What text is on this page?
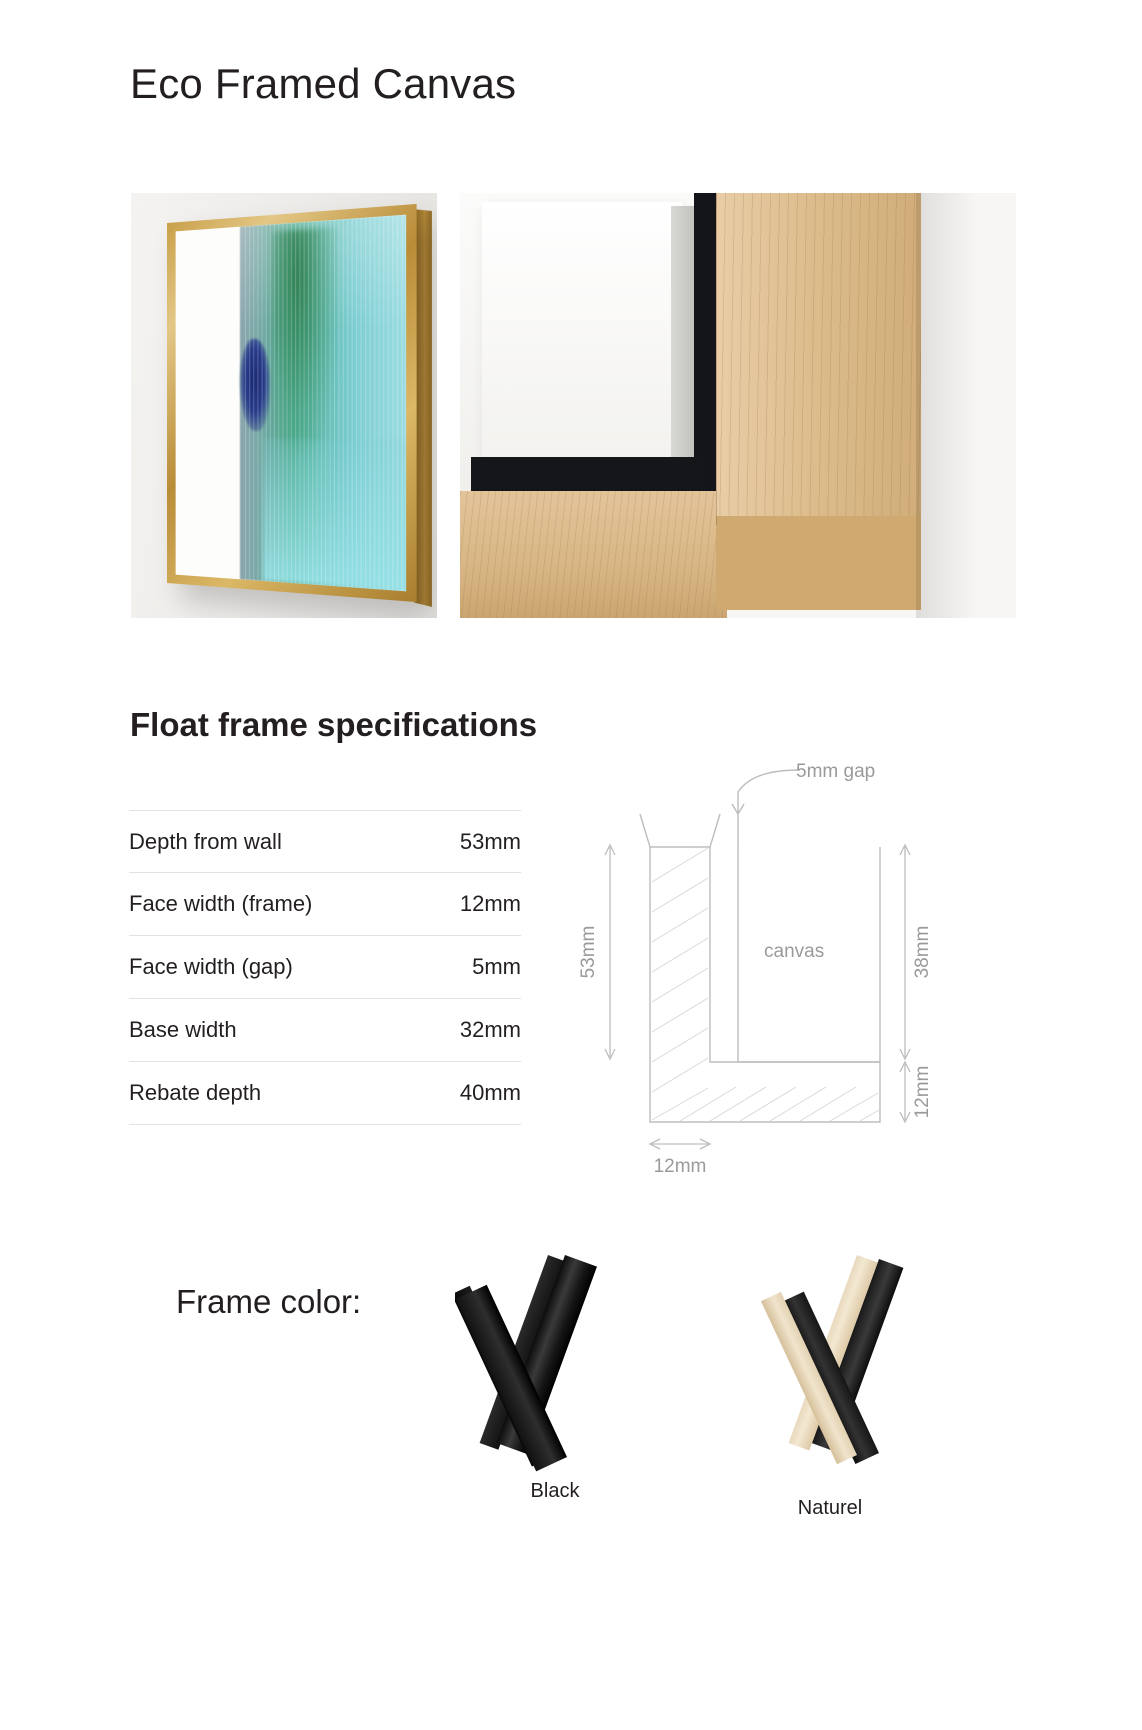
Eco Framed Canvas
Float frame specifications
Depth from wall	53mm
Face width (frame)	12mm
Face width (gap)	5mm
Base width	32mm
Rebate depth	40mm
5mm gap
canvas
53mm	38mm
12mm
12mm
Frame color:
Black
Naturel
